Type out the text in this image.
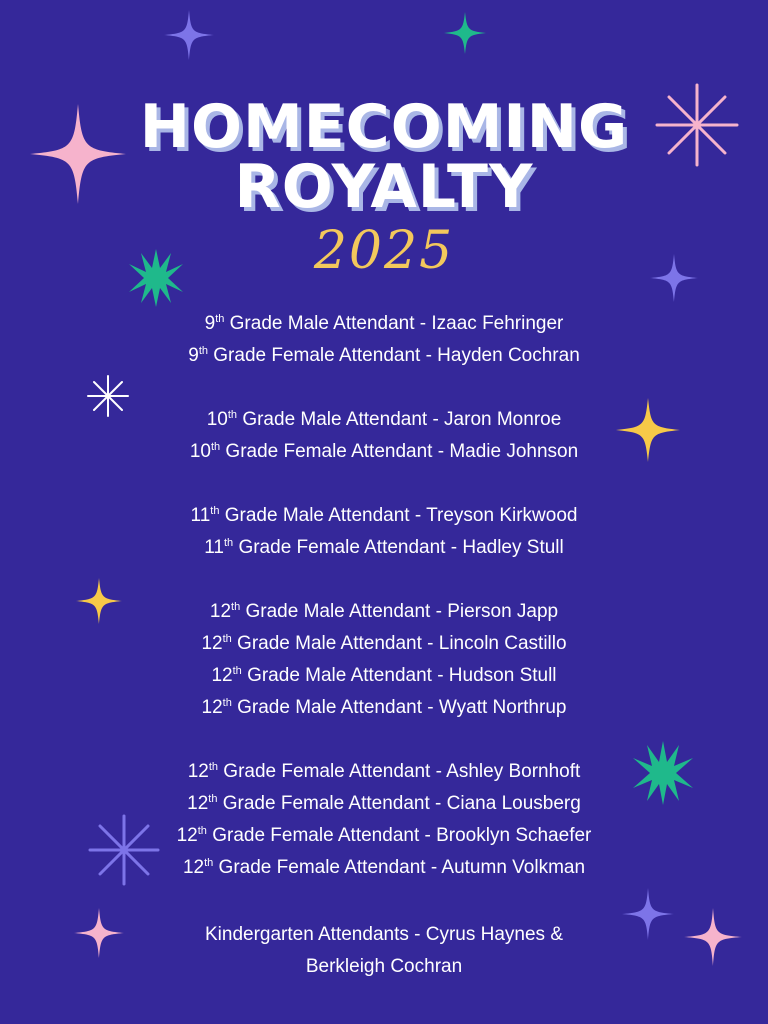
HOMECOMING
ROYALTY
2025
9th Grade Male Attendant - Izaac Fehringer
9th Grade Female Attendant - Hayden Cochran
10th Grade Male Attendant - Jaron Monroe
10th Grade Female Attendant - Madie Johnson
11th Grade Male Attendant - Treyson Kirkwood
11th Grade Female Attendant - Hadley Stull
12th Grade Male Attendant - Pierson Japp
12th Grade Male Attendant - Lincoln Castillo
12th Grade Male Attendant - Hudson Stull
12th Grade Male Attendant - Wyatt Northrup
12th Grade Female Attendant - Ashley Bornhoft
12th Grade Female Attendant - Ciana Lousberg
12th Grade Female Attendant - Brooklyn Schaefer
12th Grade Female Attendant - Autumn Volkman
Kindergarten Attendants - Cyrus Haynes &
Berkleigh Cochran
